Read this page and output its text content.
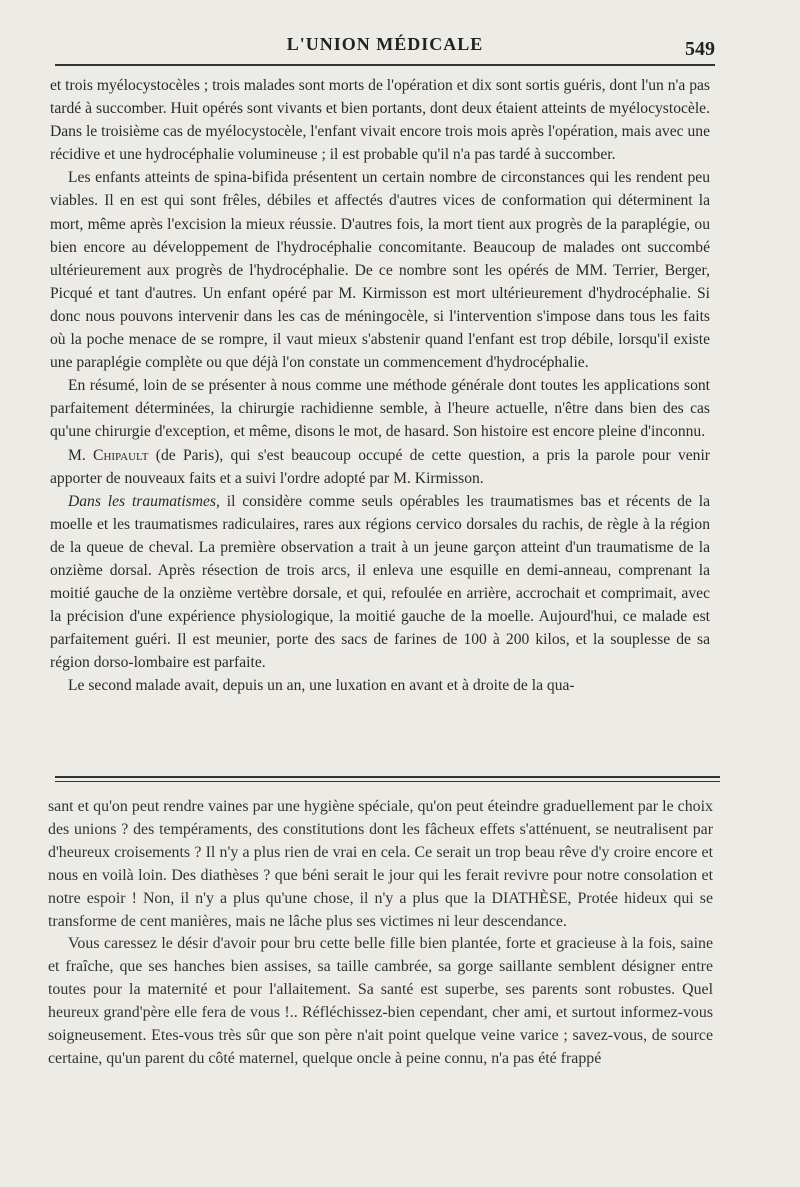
L'UNION MÉDICALE	549

et trois myélocystocèles ; trois malades sont morts de l'opération et dix sont sortis guéris, dont l'un n'a pas tardé à succomber. Huit opérés sont vivants et bien portants, dont deux étaient atteints de myélocystocèle. Dans le troisième cas de myélocystocèle, l'enfant vivait encore trois mois après l'opération, mais avec une récidive et une hydrocéphalie volumineuse ; il est probable qu'il n'a pas tardé à succomber.

Les enfants atteints de spina-bifida présentent un certain nombre de circonstances qui les rendent peu viables. Il en est qui sont frêles, débiles et affectés d'autres vices de conformation qui déterminent la mort, même après l'excision la mieux réussie. D'autres fois, la mort tient aux progrès de la paraplégie, ou bien encore au développement de l'hydrocéphalie concomitante. Beaucoup de malades ont succombé ultérieurement aux progrès de l'hydrocéphalie. De ce nombre sont les opérés de MM. Terrier, Berger, Picqué et tant d'autres. Un enfant opéré par M. Kirmisson est mort ultérieurement d'hydrocéphalie. Si donc nous pouvons intervenir dans les cas de méningocèle, si l'intervention s'impose dans tous les faits où la poche menace de se rompre, il vaut mieux s'abstenir quand l'enfant est trop débile, lorsqu'il existe une paraplégie complète ou que déjà l'on constate un commencement d'hydrocéphalie.

En résumé, loin de se présenter à nous comme une méthode générale dont toutes les applications sont parfaitement déterminées, la chirurgie rachidienne semble, à l'heure actuelle, n'être dans bien des cas qu'une chirurgie d'exception, et même, disons le mot, de hasard. Son histoire est encore pleine d'inconnu.

M. Chipault (de Paris), qui s'est beaucoup occupé de cette question, a pris la parole pour venir apporter de nouveaux faits et a suivi l'ordre adopté par M. Kirmisson.

Dans les traumatismes, il considère comme seuls opérables les traumatismes bas et récents de la moelle et les traumatismes radiculaires, rares aux régions cervico dorsales du rachis, de règle à la région de la queue de cheval. La première observation a trait à un jeune garçon atteint d'un traumatisme de la onzième dorsal. Après résection de trois arcs, il enleva une esquille en demi-anneau, comprenant la moitié gauche de la onzième vertèbre dorsale, et qui, refoulée en arrière, accrochait et comprimait, avec la précision d'une expérience physiologique, la moitié gauche de la moelle. Aujourd'hui, ce malade est parfaitement guéri. Il est meunier, porte des sacs de farines de 100 à 200 kilos, et la souplesse de sa région dorso-lombaire est parfaite.

Le second malade avait, depuis un an, une luxation en avant et à droite de la qua-

sant et qu'on peut rendre vaines par une hygiène spéciale, qu'on peut éteindre graduellement par le choix des unions ? des tempéraments, des constitutions dont les fâcheux effets s'atténuent, se neutralisent par d'heureux croisements ? Il n'y a plus rien de vrai en cela. Ce serait un trop beau rêve d'y croire encore et nous en voilà loin. Des diathèses ? que béni serait le jour qui les ferait revivre pour notre consolation et notre espoir ! Non, il n'y a plus qu'une chose, il n'y a plus que la DIATHÈSE, Protée hideux qui se transforme de cent manières, mais ne lâche plus ses victimes ni leur descendance.

Vous caressez le désir d'avoir pour bru cette belle fille bien plantée, forte et gracieuse à la fois, saine et fraîche, que ses hanches bien assises, sa taille cambrée, sa gorge saillante semblent désigner entre toutes pour la maternité et pour l'allaitement. Sa santé est superbe, ses parents sont robustes. Quel heureux grand'père elle fera de vous !.. Réfléchissez-bien cependant, cher ami, et surtout informez-vous soigneusement. Etes-vous très sûr que son père n'ait point quelque veine varice ; savez-vous, de source certaine, qu'un parent du côté maternel, quelque oncle à peine connu, n'a pas été frappé
